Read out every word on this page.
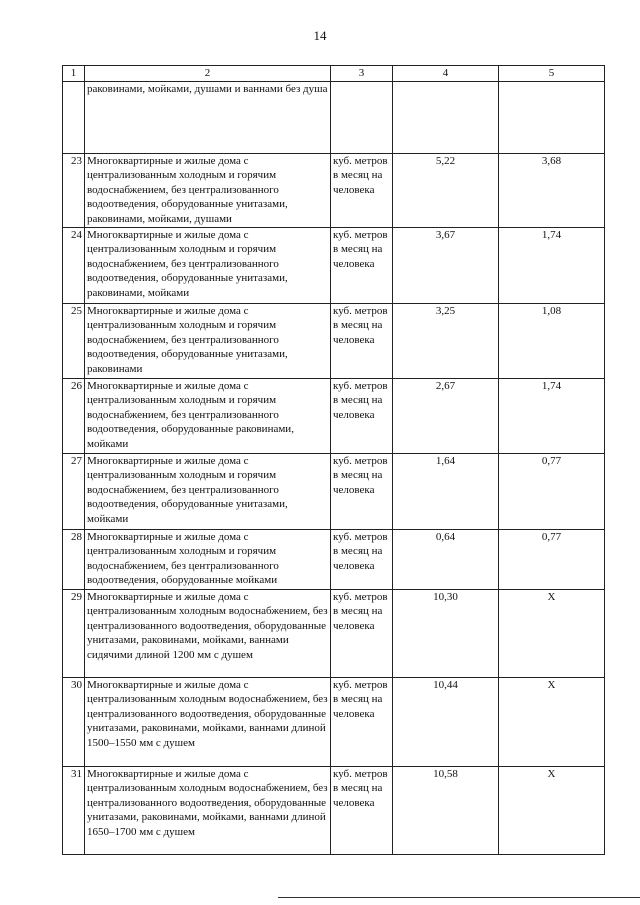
14
1	2	3	4	5
	раковинами, мойками, душами и ваннами без душа			
23	Многоквартирные и жилые дома с централизованным холодным и горячим водоснабжением, без централизованного водоотведения, оборудованные унитазами, раковинами, мойками, душами	куб. метров в месяц на человека	5,22	3,68
24	Многоквартирные и жилые дома с централизованным холодным и горячим водоснабжением, без централизованного водоотведения, оборудованные унитазами, раковинами, мойками	куб. метров в месяц на человека	3,67	1,74
25	Многоквартирные и жилые дома с централизованным холодным и горячим водоснабжением, без централизованного водоотведения, оборудованные унитазами, раковинами	куб. метров в месяц на человека	3,25	1,08
26	Многоквартирные и жилые дома с централизованным холодным и горячим водоснабжением, без централизованного водоотведения, оборудованные раковинами, мойками	куб. метров в месяц на человека	2,67	1,74
27	Многоквартирные и жилые дома с централизованным холодным и горячим водоснабжением, без централизованного водоотведения, оборудованные унитазами, мойками	куб. метров в месяц на человека	1,64	0,77
28	Многоквартирные и жилые дома с централизованным холодным и горячим водоснабжением, без централизованного водоотведения, оборудованные мойками	куб. метров в месяц на человека	0,64	0,77
29	Многоквартирные и жилые дома с централизованным холодным водоснабжением, без централизованного водоотведения, оборудованные унитазами, раковинами, мойками, ваннами сидячими длиной 1200 мм с душем	куб. метров в месяц на человека	10,30	Х
30	Многоквартирные и жилые дома с централизованным холодным водоснабжением, без централизованного водоотведения, оборудованные унитазами, раковинами, мойками, ваннами длиной 1500–1550 мм с душем	куб. метров в месяц на человека	10,44	Х
31	Многоквартирные и жилые дома с централизованным холодным водоснабжением, без централизованного водоотведения, оборудованные унитазами, раковинами, мойками, ваннами длиной 1650–1700 мм с душем	куб. метров в месяц на человека	10,58	Х
